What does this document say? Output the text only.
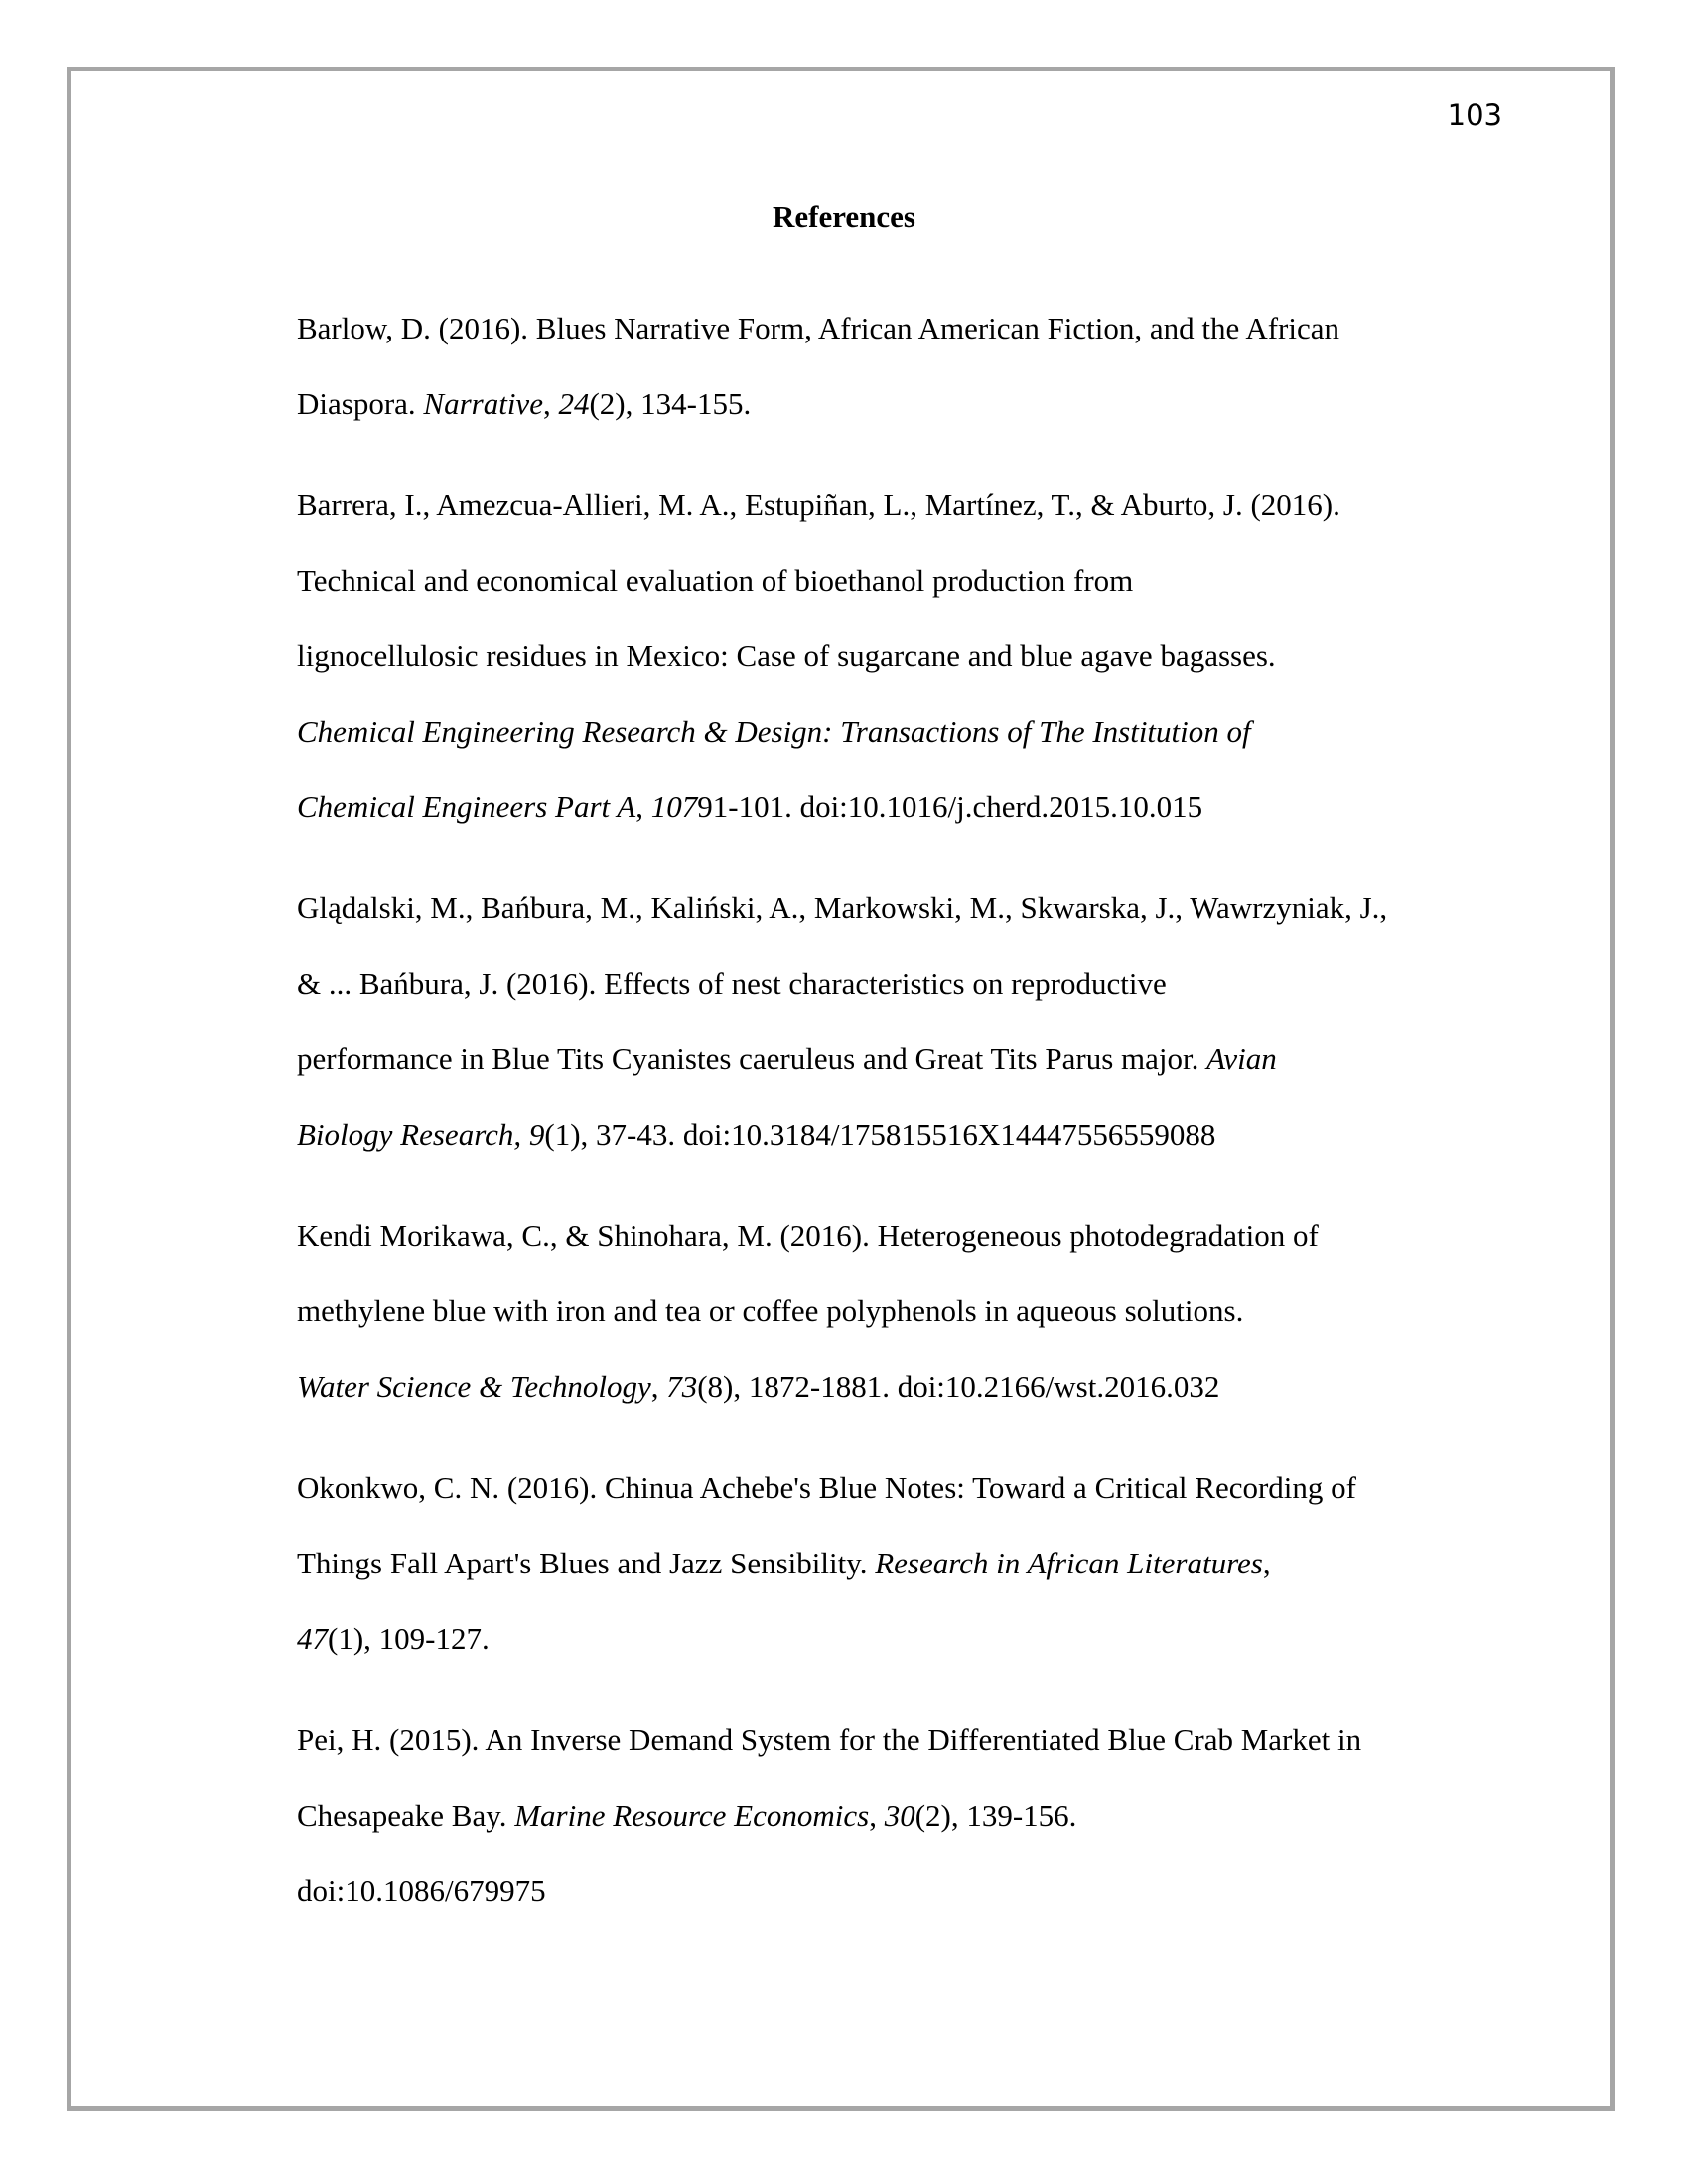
103
References
Barlow, D. (2016). Blues Narrative Form, African American Fiction, and the African
Diaspora. Narrative, 24(2), 134-155.
Barrera, I., Amezcua-Allieri, M. A., Estupiñan, L., Martínez, T., & Aburto, J. (2016).
Technical and economical evaluation of bioethanol production from
lignocellulosic residues in Mexico: Case of sugarcane and blue agave bagasses.
Chemical Engineering Research & Design: Transactions of The Institution of
Chemical Engineers Part A, 10791-101. doi:10.1016/j.cherd.2015.10.015
Glądalski, M., Bańbura, M., Kaliński, A., Markowski, M., Skwarska, J., Wawrzyniak, J.,
& ... Bańbura, J. (2016). Effects of nest characteristics on reproductive
performance in Blue Tits Cyanistes caeruleus and Great Tits Parus major. Avian
Biology Research, 9(1), 37-43. doi:10.3184/175815516X14447556559088
Kendi Morikawa, C., & Shinohara, M. (2016). Heterogeneous photodegradation of
methylene blue with iron and tea or coffee polyphenols in aqueous solutions.
Water Science & Technology, 73(8), 1872-1881. doi:10.2166/wst.2016.032
Okonkwo, C. N. (2016). Chinua Achebe's Blue Notes: Toward a Critical Recording of
Things Fall Apart's Blues and Jazz Sensibility. Research in African Literatures,
47(1), 109-127.
Pei, H. (2015). An Inverse Demand System for the Differentiated Blue Crab Market in
Chesapeake Bay. Marine Resource Economics, 30(2), 139-156.
doi:10.1086/679975
